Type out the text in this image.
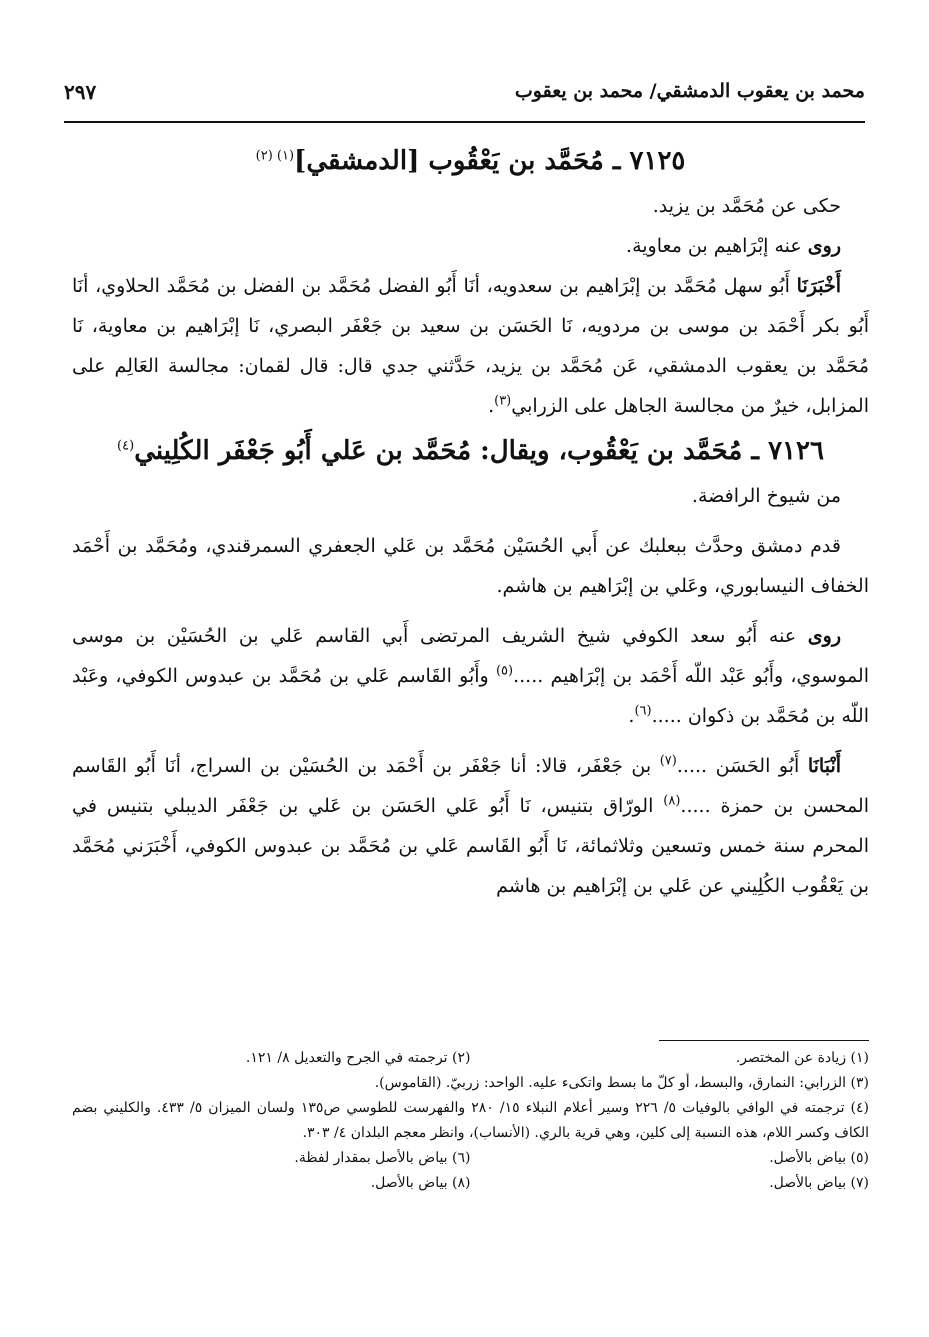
محمد بن يعقوب الدمشقي/ محمد بن يعقوب
٢٩٧
٧١٢٥ ـ مُحَمَّد بن يَعْقُوب [الدمشقي]$^{(١) (٢)}$

حكى عن مُحَمَّد بن يزيد.

روى عنه إبْرَاهيم بن معاوية.

أَخْبَرَنَا أَبُو سهل مُحَمَّد بن إبْرَاهيم بن سعدويه، أنَا أَبُو الفضل مُحَمَّد بن الفضل بن مُحَمَّد الحلاوي، أنَا أَبُو بكر أَحْمَد بن موسى بن مردويه، نَا الحَسَن بن سعيد بن جَعْفَر البصري، نَا إبْرَاهيم بن معاوية، نَا مُحَمَّد بن يعقوب الدمشقي، عَن مُحَمَّد بن يزيد، حَدَّثني جدي قال: قال لقمان: مجالسة العَالِم على المزابل، خيرٌ من مجالسة الجاهل على الزرابي$^{(٣)}$.

٧١٢٦ ـ مُحَمَّد بن يَعْقُوب، ويقال: مُحَمَّد بن عَلي أَبُو جَعْفَر الكُلِيني$^{(٤)}$

من شيوخ الرافضة.

قدم دمشق وحدَّث ببعلبك عن أَبي الحُسَيْن مُحَمَّد بن عَلي الجعفري السمرقندي، ومُحَمَّد بن أَحْمَد الخفاف النيسابوري، وعَلي بن إبْرَاهيم بن هاشم.

روى عنه أَبُو سعد الكوفي شيخ الشريف المرتضى أَبي القاسم عَلي بن الحُسَيْن بن موسى الموسوي، وأَبُو عَبْد اللّه أَحْمَد بن إبْرَاهيم .....$^{(٥)}$ وأَبُو القَاسم عَلي بن مُحَمَّد بن عبدوس الكوفي، وعَبْد اللّه بن مُحَمَّد بن ذكوان .....$^{(٦)}$.

أَنْبَانَا أَبُو الحَسَن .....$^{(٧)}$ بن جَعْفَر، قالا: أنا جَعْفَر بن أَحْمَد بن الحُسَيْن بن السراج، أنَا أَبُو القَاسم المحسن بن حمزة .....$^{(٨)}$ الورّاق بتنيس، نَا أَبُو عَلي الحَسَن بن عَلي بن جَعْفَر الديبلي بتنيس في المحرم سنة خمس وتسعين وثلاثمائة، نَا أَبُو القَاسم عَلي بن مُحَمَّد بن عبدوس الكوفي، أَخْبَرَني مُحَمَّد بن يَعْقُوب الكُلِيني عن عَلي بن إبْرَاهيم بن هاشم

(١) زيادة عن المختصر.
(٢) ترجمته في الجرح والتعديل ٨/ ١٢١.
(٣) الزرابي: النمارق، والبسط، أو كلّ ما بسط واتكىء عليه. الواحد: زربيّ. (القاموس).
(٤) ترجمته في الوافي بالوفيات ٥/ ٢٢٦ وسير أعلام النبلاء ١٥/ ٢٨٠ والفهرست للطوسي ص١٣٥ ولسان الميزان ٥/ ٤٣٣. والكليني بضم الكاف وكسر اللام، هذه النسبة إلى كلين، وهي قرية بالري. (الأنساب)، وانظر معجم البلدان ٤/ ٣٠٣.
(٥) بياض بالأصل.
(٦) بياض بالأصل بمقدار لفظة.
(٧) بياض بالأصل.
(٨) بياض بالأصل.
